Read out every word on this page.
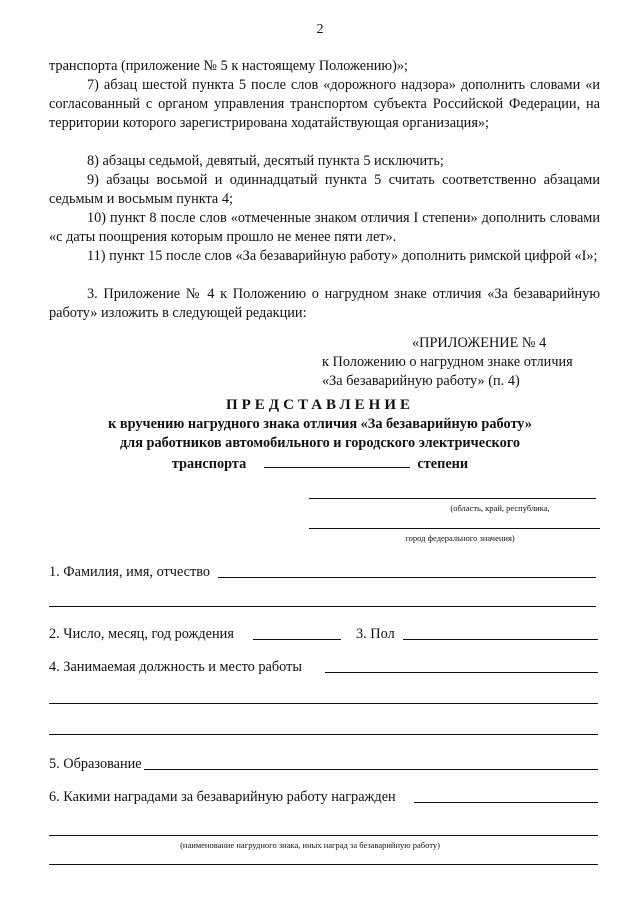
2
транспорта (приложение № 5 к настоящему Положению)»;
7) абзац шестой пункта 5 после слов «дорожного надзора» дополнить словами «и согласованный с органом управления транспортом субъекта Российской Федерации, на территории которого зарегистрирована ходатайствующая организация»;
8) абзацы седьмой, девятый, десятый пункта 5 исключить;
9) абзацы восьмой и одиннадцатый пункта 5 считать соответственно абзацами седьмым и восьмым пункта 4;
10) пункт 8 после слов «отмеченные знаком отличия I степени» дополнить словами «с даты поощрения которым прошло не менее пяти лет».
11) пункт 15 после слов «За безаварийную работу» дополнить римской цифрой «I»;
3. Приложение № 4 к Положению о нагрудном знаке отличия «За безаварийную работу» изложить в следующей редакции:
«ПРИЛОЖЕНИЕ № 4
к Положению о нагрудном знаке отличия
«За безаварийную работу» (п. 4)
ПРЕДСТАВЛЕНИЕ
к вручению нагрудного знака отличия «За безаварийную работу»
для работников автомобильного и городского электрического
транспорта	степени
(область, край, республика,
город федерального значения)
1. Фамилия, имя, отчество
2. Число, месяц, год рождения	3. Пол
4. Занимаемая должность и место работы
5. Образование
6. Какими наградами за безаварийную работу награжден
(наименование нагрудного знака, иных наград за безаварийную работу)
